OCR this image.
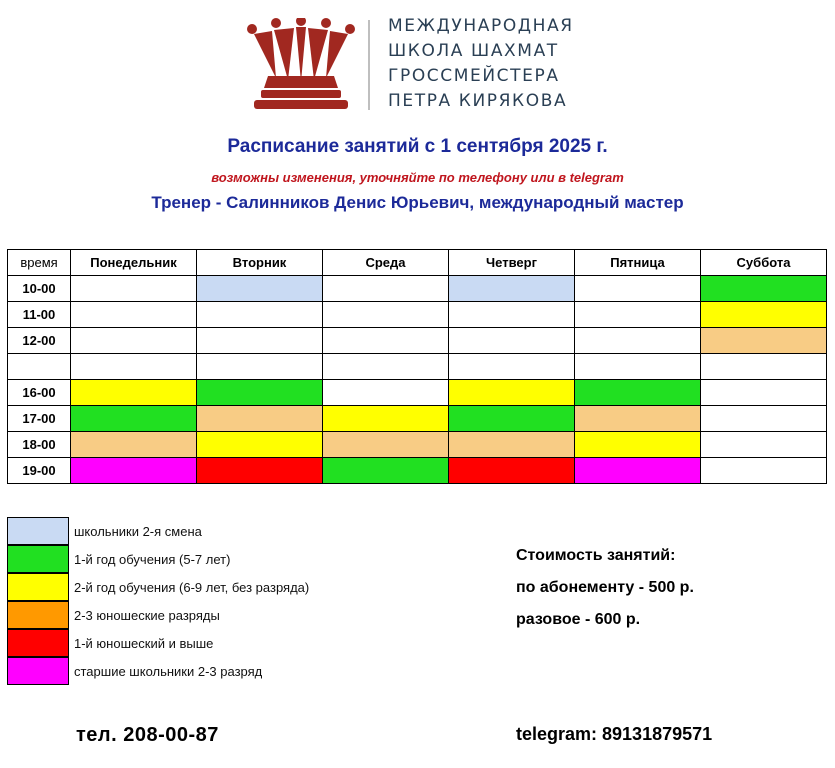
МЕЖДУНАРОДНАЯ
ШКОЛА ШАХМАТ
ГРОССМЕЙСТЕРА
ПЕТРА КИРЯКОВА
Расписание занятий с 1 сентября 2025 г.
возможны изменения, уточняйте по телефону или в telegram
Тренер - Салинников Денис Юрьевич, международный мастер
время	Понедельник	Вторник	Среда	Четверг	Пятница	Суббота
10-00						
11-00						
12-00						

16-00						
17-00						
18-00						
19-00						
школьники 2-я смена
1-й год обучения (5-7 лет)
2-й год обучения (6-9 лет, без разряда)
2-3 юношеские разряды
1-й юношеский и выше
старшие школьники 2-3 разряд
Стоимость занятий:
по абонементу - 500 р.
разовое - 600 р.
тел. 208-00-87	telegram: 89131879571
